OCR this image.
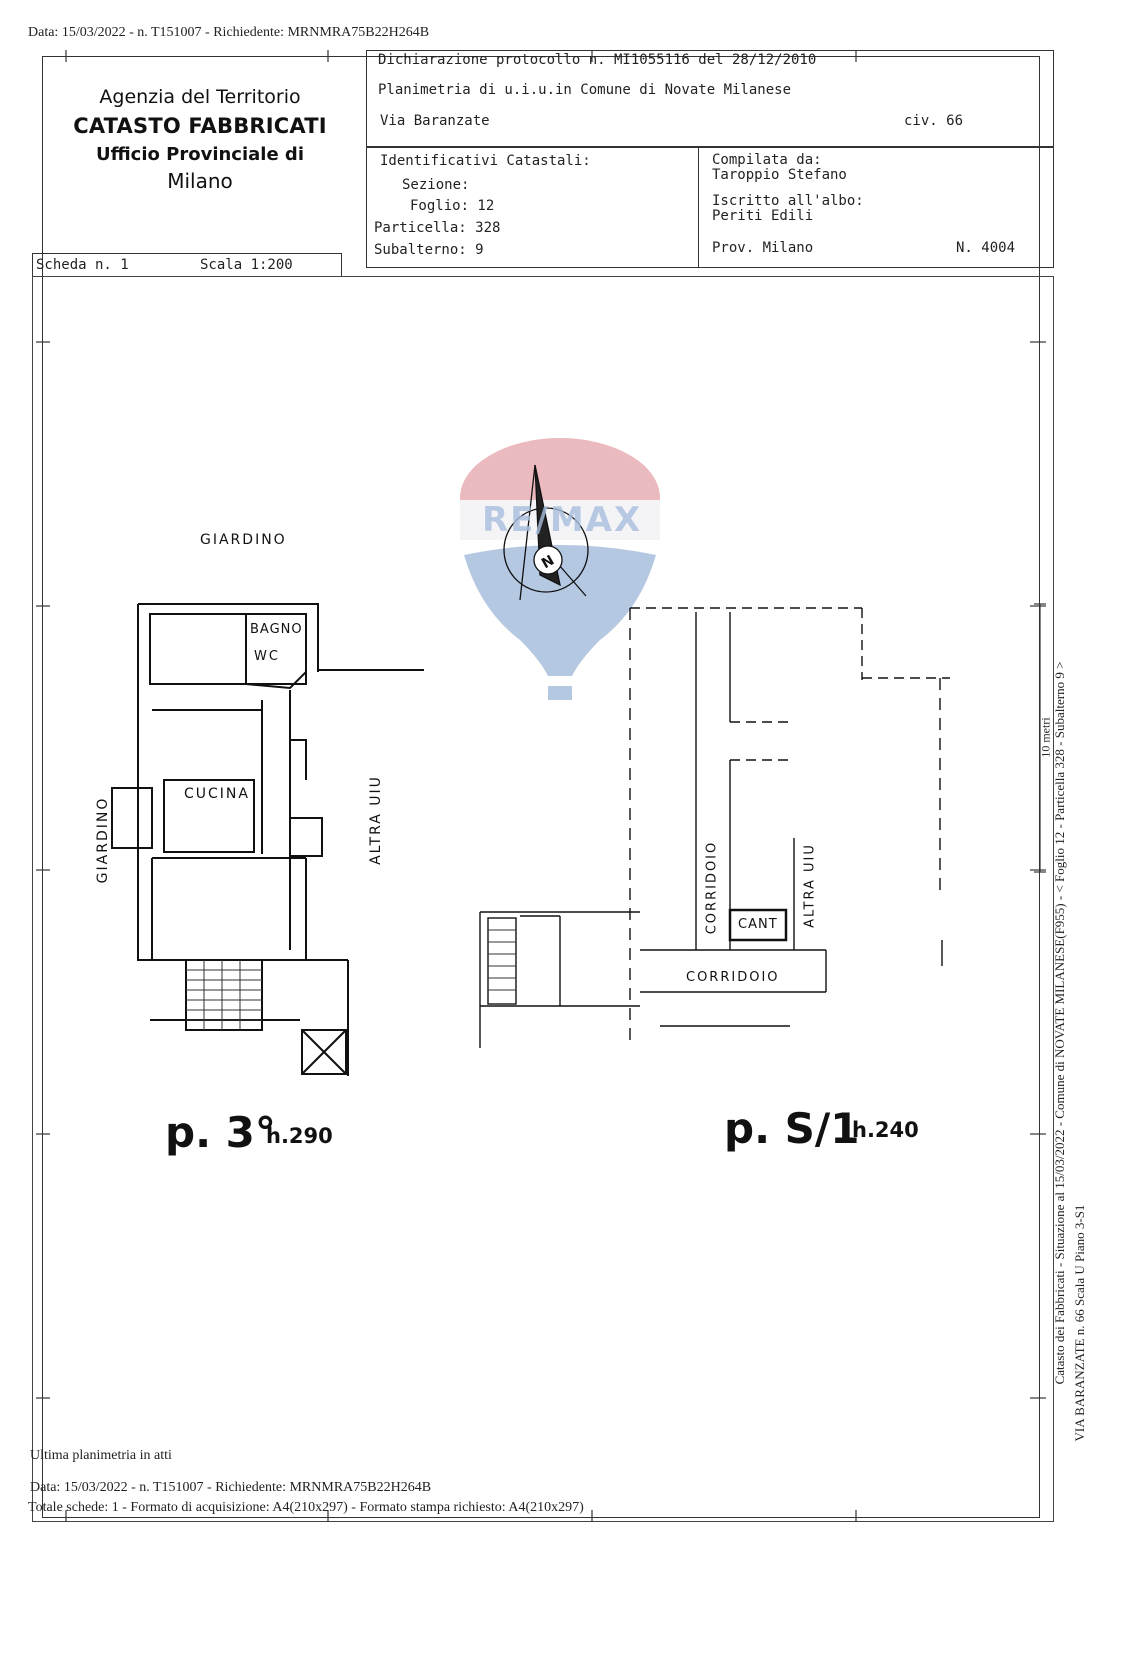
Data: 15/03/2022 - n. T151007 - Richiedente: MRNMRA75B22H264B
Agenzia del Territorio
CATASTO FABBRICATI
Ufficio Provinciale di
Milano
Dichiarazione protocollo n. MI1055116 del 28/12/2010
Planimetria di u.i.u.in Comune di Novate Milanese
Via Baranzate	civ. 66
Identificativi Catastali:
Sezione:
Foglio: 12
Particella: 328
Subalterno: 9
Compilata da:
Taroppio Stefano
Iscritto all'albo:
Periti Edili
Prov. Milano	N. 4004
Scheda n. 1	Scala 1:200
N
RE/MAX
GIARDINO
BAGNO
WC
CUCINA
GIARDINO	ALTRA UIU
p. 3°
h.290
CORRIDOIO CANT ALTRA UIU
CORRIDOIO
p. S/1
h.240
10 metri Catasto dei Fabbricati - Situazione al 15/03/2022 - Comune di NOVATE MILANESE(F955) - < Foglio 12 - Particella 328 - Subalterno 9 > VIA BARANZATE n. 66 Scala U Piano 3-S1
Ultima planimetria in atti
Data: 15/03/2022 - n. T151007 - Richiedente: MRNMRA75B22H264B
Totale schede: 1 - Formato di acquisizione: A4(210x297) - Formato stampa richiesto: A4(210x297)
